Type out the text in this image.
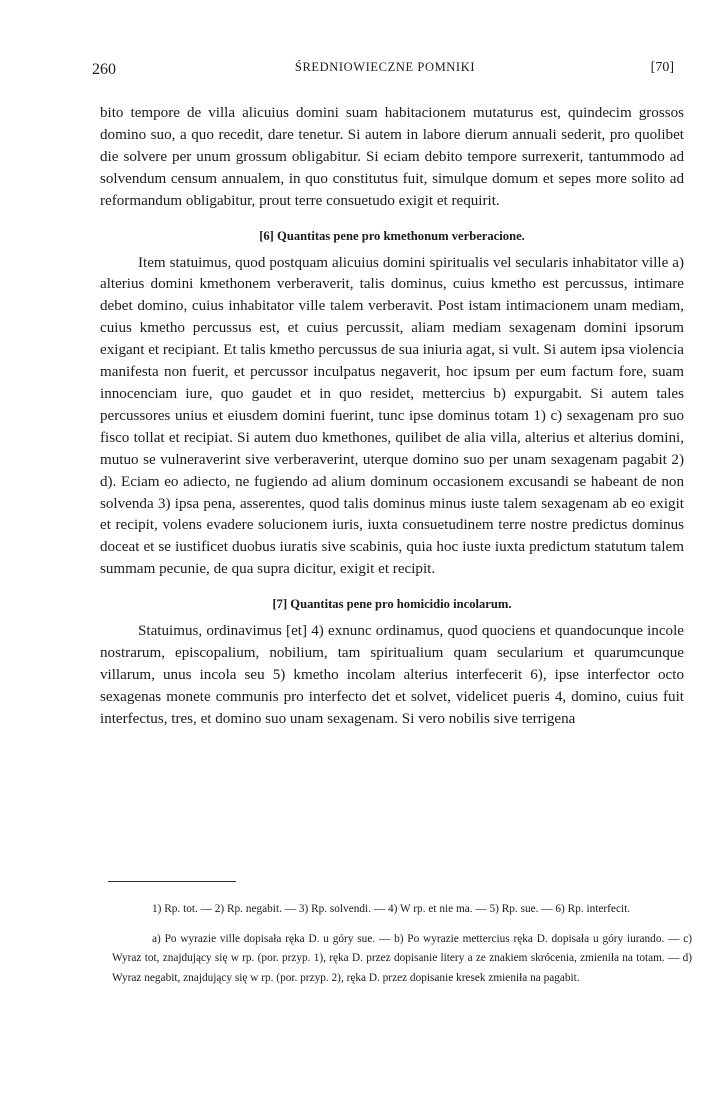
260	ŚREDNIOWIECZNE POMNIKI	[70]

bito tempore de villa alicuius domini suam habitacionem mutaturus est, quindecim grossos domino suo, a quo recedit, dare tenetur. Si autem in labore dierum annuali sederit, pro quolibet die solvere per unum grossum obligabitur. Si eciam debito tempore surrexerit, tantummodo ad solvendum censum annualem, in quo constitutus fuit, simulque domum et sepes more solito ad reformandum obligabitur, prout terre consuetudo exigit et requirit.

[6] Quantitas pene pro kmethonum verberacione.

Item statuimus, quod postquam alicuius domini spiritualis vel secularis inhabitator ville a) alterius domini kmethonem verberaverit, talis dominus, cuius kmetho est percussus, intimare debet domino, cuius inhabitator ville talem verberavit. Post istam intimacionem unam mediam, cuius kmetho percussus est, et cuius percussit, aliam mediam sexagenam domini ipsorum exigant et recipiant. Et talis kmetho percussus de sua iniuria agat, si vult. Si autem ipsa violencia manifesta non fuerit, et percussor inculpatus negaverit, hoc ipsum per eum factum fore, suam innocenciam iure, quo gaudet et in quo residet, mettercius b) expurgabit. Si autem tales percussores unius et eiusdem domini fuerint, tunc ipse dominus totam 1) c) sexagenam pro suo fisco tollat et recipiat. Si autem duo kmethones, quilibet de alia villa, alterius et alterius domini, mutuo se vulneraverint sive verberaverint, uterque domino suo per unam sexagenam pagabit 2) d). Eciam eo adiecto, ne fugiendo ad alium dominum occasionem excusandi se habeant de non solvenda 3) ipsa pena, asserentes, quod talis dominus minus iuste talem sexagenam ab eo exigit et recipit, volens evadere solucionem iuris, iuxta consuetudinem terre nostre predictus dominus doceat et se iustificet duobus iuratis sive scabinis, quia hoc iuste iuxta predictum statutum talem summam pecunie, de qua supra dicitur, exigit et recipit.

[7] Quantitas pene pro homicidio incolarum.

Statuimus, ordinavimus [et] 4) exnunc ordinamus, quod quociens et quandocunque incole nostrarum, episcopalium, nobilium, tam spiritualium quam secularium et quarumcunque villarum, unus incola seu 5) kmetho incolam alterius interfecerit 6), ipse interfector octo sexagenas monete communis pro interfecto det et solvet, videlicet pueris 4, domino, cuius fuit interfectus, tres, et domino suo unam sexagenam. Si vero nobilis sive terrigena

1) Rp. tot. — 2) Rp. negabit. — 3) Rp. solvendi. — 4) W rp. et nie ma. — 5) Rp. sue. — 6) Rp. interfecit.

a) Po wyrazie ville dopisała ręka D. u góry sue. — b) Po wyrazie mettercius ręka D. dopisała u góry iurando. — c) Wyraz tot, znajdujący się w rp. (por. przyp. 1), ręka D. przez dopisanie litery a ze znakiem skrócenia, zmieniła na totam. — d) Wyraz negabit, znajdujący się w rp. (por. przyp. 2), ręka D. przez dopisanie kresek zmieniła na pagabit.
